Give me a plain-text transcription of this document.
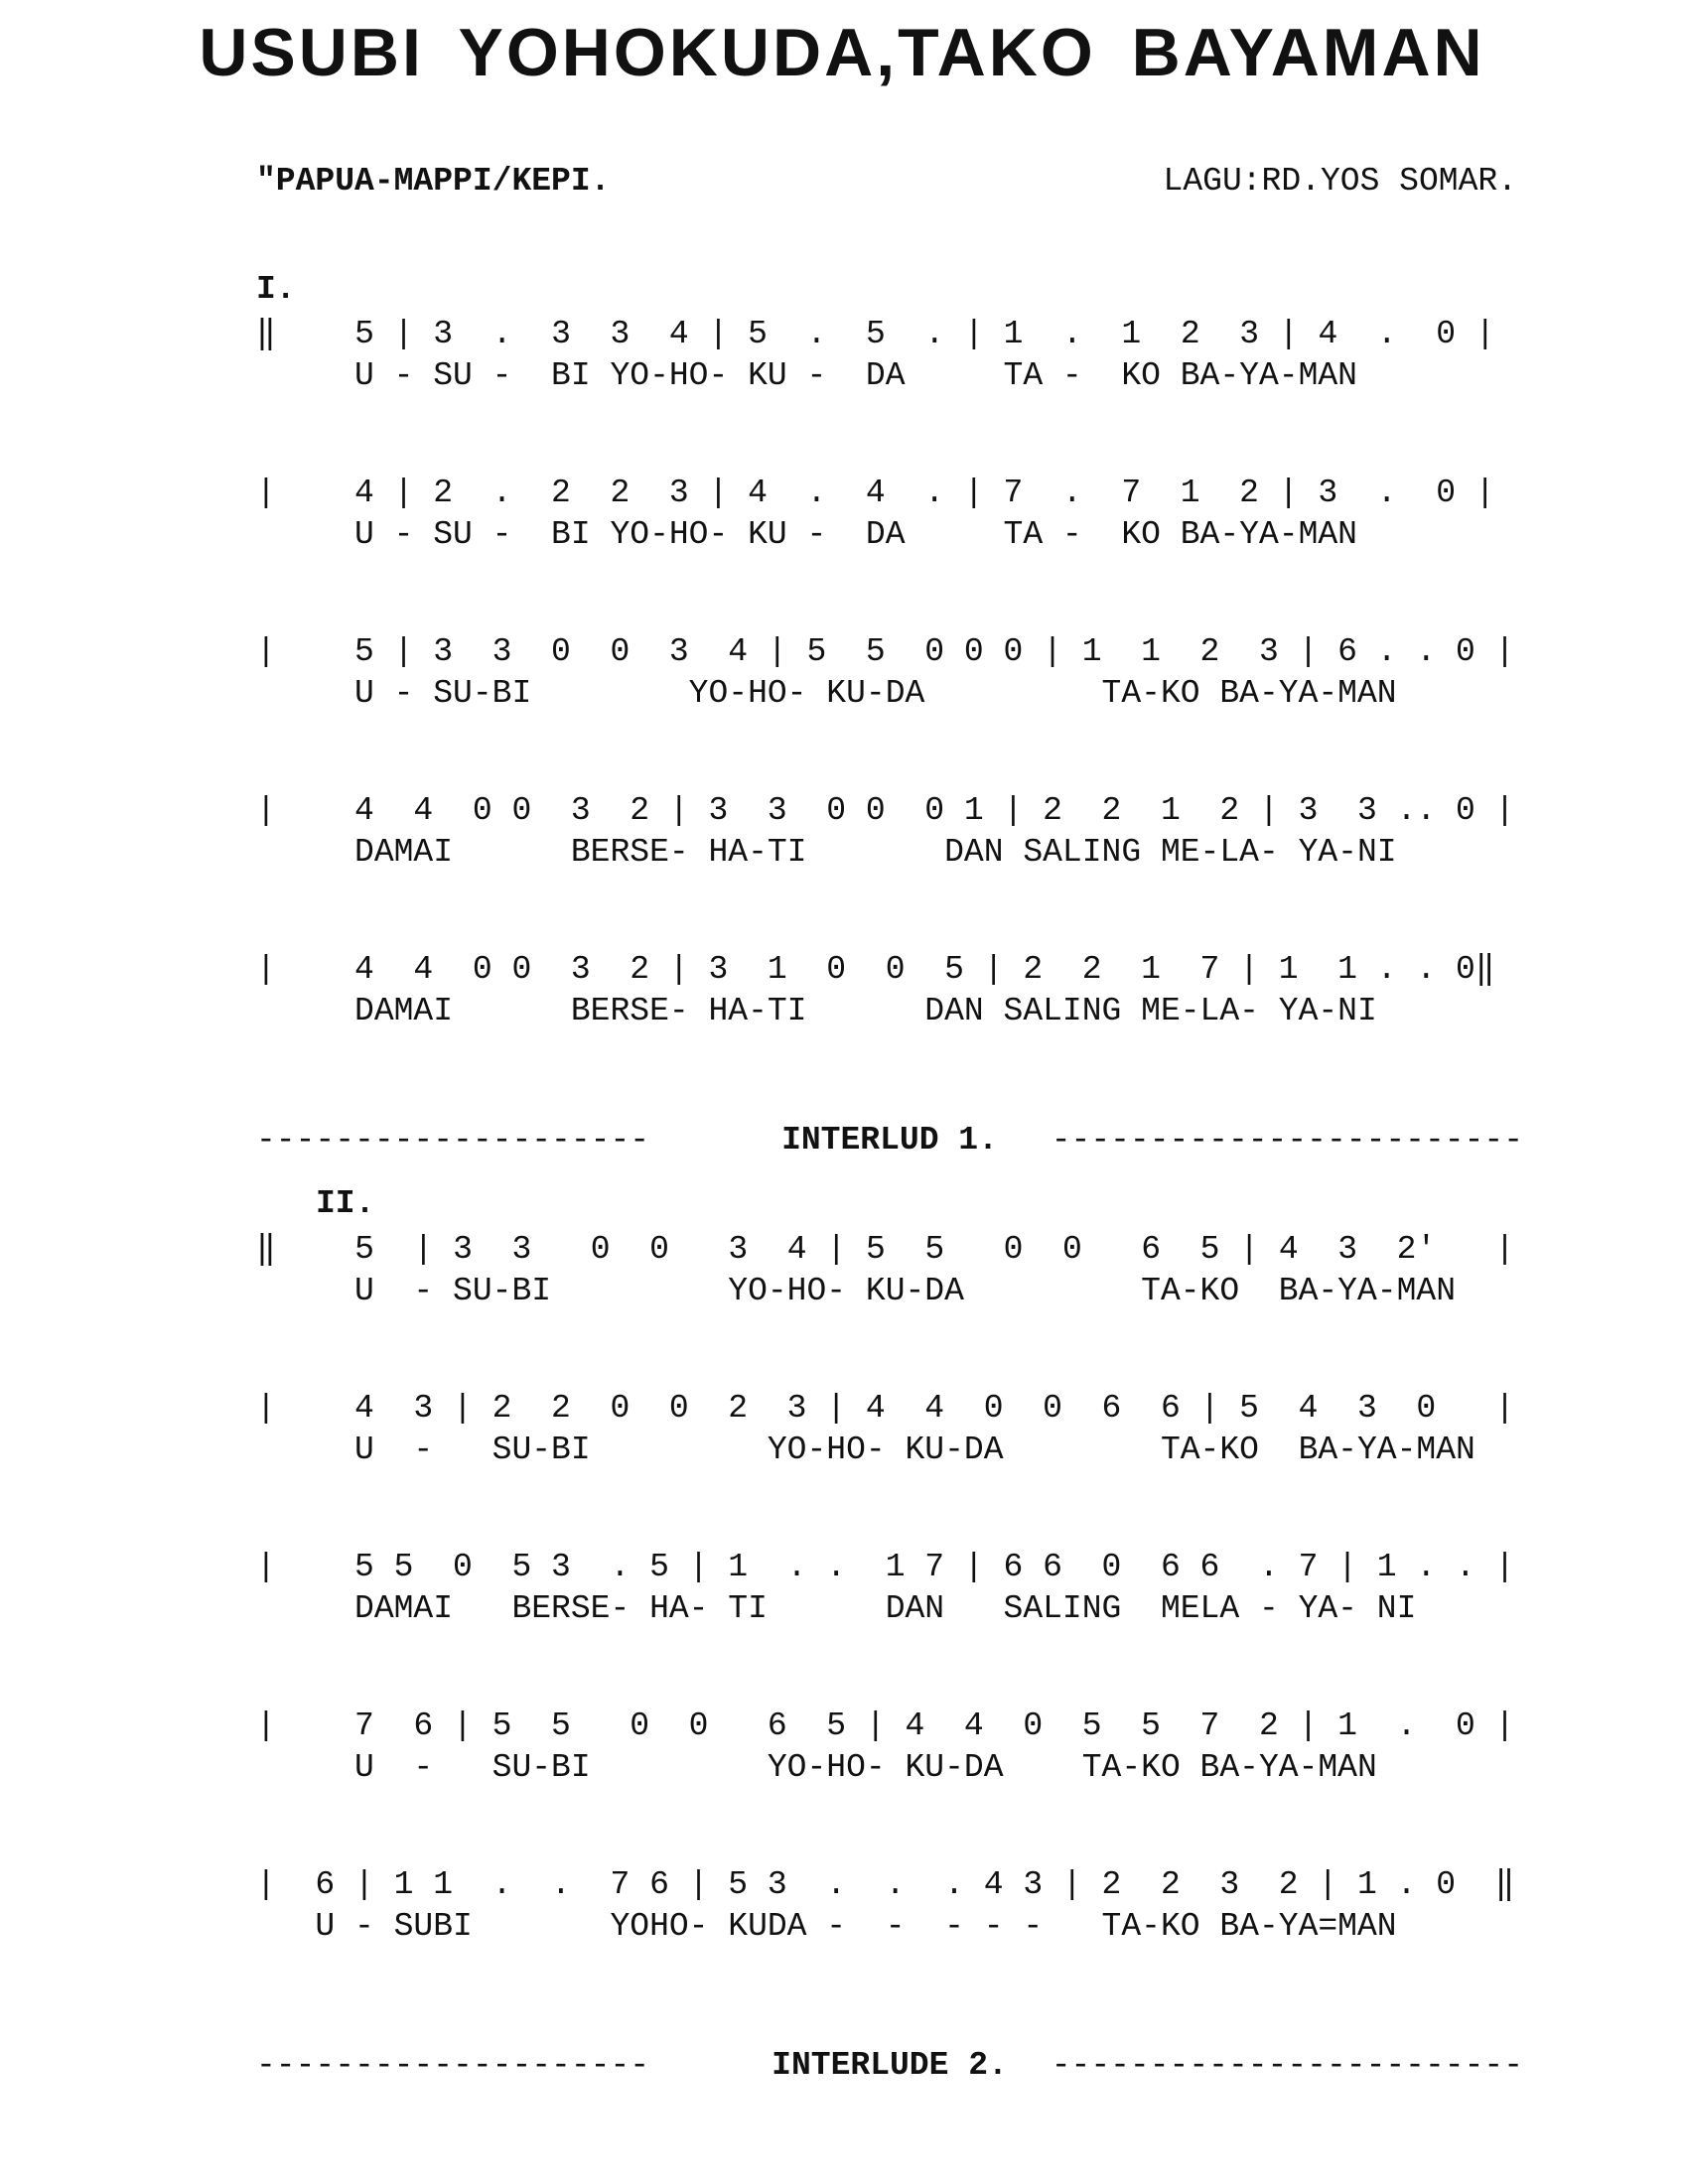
USUBI YOHOKUDA,TAKO BAYAMAN
"PAPUA-MAPPI/KEPI.	LAGU:RD.YOS SOMAR.
I.
‖    5 | 3  .  3  3  4 | 5  .  5  . | 1  .  1  2  3 | 4  .  0 |
U - SU -  BI YO-HO- KU -  DA     TA -  KO BA-YA-MAN
|    4 | 2  .  2  2  3 | 4  .  4  . | 7  .  7  1  2 | 3  .  0 |
U - SU -  BI YO-HO- KU -  DA     TA -  KO BA-YA-MAN
|    5 | 3  3  0  0  3  4 | 5  5  0 0 0 | 1  1  2  3 | 6 . . 0 |
U - SU-BI        YO-HO- KU-DA         TA-KO BA-YA-MAN
|    4  4  0 0  3  2 | 3  3  0 0  0 1 | 2  2  1  2 | 3  3 .. 0 |
DAMAI      BERSE- HA-TI       DAN SALING ME-LA- YA-NI
|    4  4  0 0  3  2 | 3  1  0  0  5 | 2  2  1  7 | 1  1 . . 0‖
DAMAI      BERSE- HA-TI      DAN SALING ME-LA- YA-NI
--------------------	INTERLUD 1.	------------------------
II.
‖    5  | 3  3   0  0   3  4 | 5  5   0  0   6  5 | 4  3  2'   |
U  - SU-BI         YO-HO- KU-DA         TA-KO  BA-YA-MAN
|    4  3 | 2  2  0  0  2  3 | 4  4  0  0  6  6 | 5  4  3  0   |
U  -   SU-BI         YO-HO- KU-DA        TA-KO  BA-YA-MAN
|    5 5  0  5 3  . 5 | 1  . .  1 7 | 6 6  0  6 6  . 7 | 1 . . |
DAMAI   BERSE- HA- TI      DAN   SALING  MELA - YA- NI
|    7  6 | 5  5   0  0   6  5 | 4  4  0  5  5  7  2 | 1  .  0 |
U  -   SU-BI         YO-HO- KU-DA    TA-KO BA-YA-MAN
|  6 | 1 1  .  .  7 6 | 5 3  .  .  . 4 3 | 2  2  3  2 | 1 . 0  ‖
U - SUBI       YOHO- KUDA -  -  - - -   TA-KO BA-YA=MAN
--------------------	INTERLUDE 2.	------------------------
